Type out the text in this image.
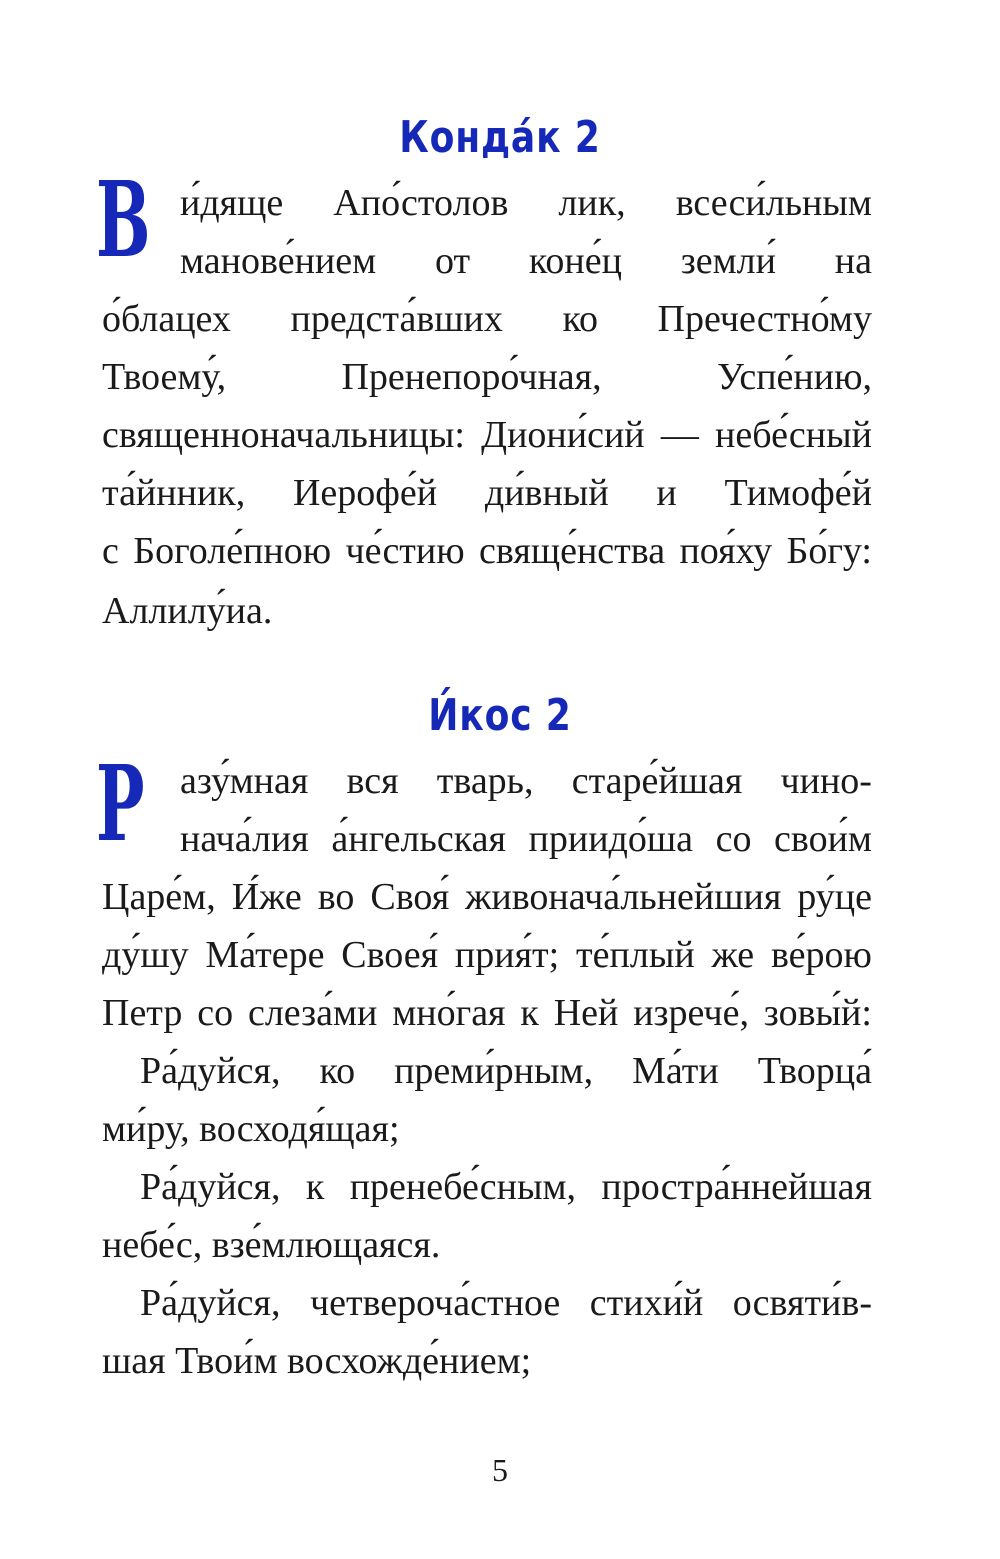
Конда́к 2
В и́дяще Апо́столов лик, всеси́льным
манове́нием от коне́ц земли́ на
о́блацех предста́вших ко Пречестно́му
Твоему́,	Пренепоро́чная,	Успе́нию,
священноначальницы: Диони́сий — небе́сный
та́йнник, Иерофе́й ди́вный и Тимофе́й
с Боголе́пною че́стию свяще́нства поя́ху Бо́гу:
Аллилу́иа.
И́кос 2
Р азу́мная вся тварь, старе́йшая чино-
нача́лия а́нгельская приидо́ша со свои́м
Царе́м, И́же во Своя́ живонача́льнейшия ру́це
ду́шу Ма́тере Своея́ прия́т; те́плый же ве́рою
Петр со слеза́ми мно́гая к Ней изрече́, зовы́й:
Ра́дуйся, ко преми́рным, Ма́ти Творца́
ми́ру, восходя́щая;
Ра́дуйся, к пренебе́сным, простра́ннейшая
небе́с, взе́млющаяся.
Ра́дуйся, четвероча́стное стихи́й освяти́в-
шая Твои́м восхожде́нием;
5
